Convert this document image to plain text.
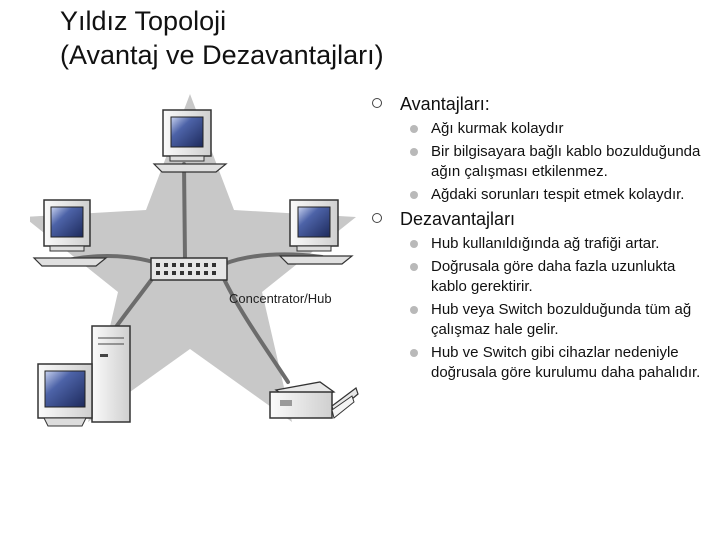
Yıldız Topoloji
(Avantaj ve Dezavantajları)
Concentrator/Hub
Avantajları:
Ağı kurmak kolaydır
Bir bilgisayara bağlı kablo bozulduğunda ağın çalışması etkilenmez.
Ağdaki sorunları tespit etmek kolaydır.
Dezavantajları
Hub kullanıldığında ağ trafiği artar.
Doğrusala göre daha fazla uzunlukta kablo gerektirir.
Hub veya Switch bozulduğunda tüm ağ çalışmaz hale gelir.
Hub ve Switch gibi cihazlar nedeniyle doğrusala göre kurulumu daha pahalıdır.
